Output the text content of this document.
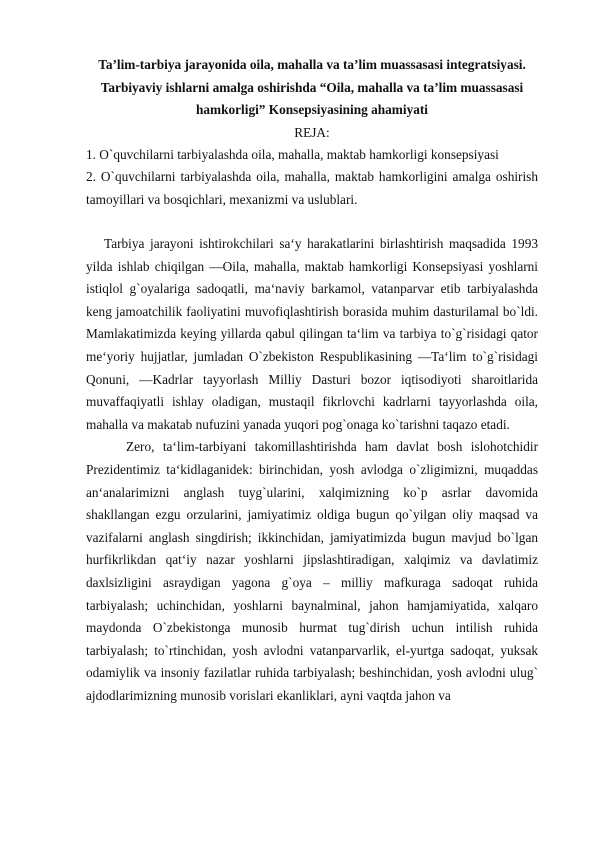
Ta’lim-tarbiya jarayonida oila, mahalla va ta’lim muassasasi integratsiyasi. Tarbiyaviy ishlarni amalga oshirishda “Oila, mahalla va ta’lim muassasasi hamkorligi” Konsepsiyasining ahamiyati

REJA:

1. O`quvchilarni tarbiyalashda oila, mahalla, maktab hamkorligi konsepsiyasi

2. O`quvchilarni tarbiyalashda oila, mahalla, maktab hamkorligini amalga oshirish tamoyillari va bosqichlari, mexanizmi va uslublari.

Tarbiya jarayoni ishtirokchilari sa‘y harakatlarini birlashtirish maqsadida 1993 yilda ishlab chiqilgan —Oila, mahalla, maktab hamkorligi Konsepsiyasi yoshlarni istiqlol g`oyalariga sadoqatli, ma‘naviy barkamol, vatanparvar etib tarbiyalashda keng jamoatchilik faoliyatini muvofiqlashtirish borasida muhim dasturilamal bo`ldi. Mamlakatimizda keying yillarda qabul qilingan ta‘lim va tarbiya to`g`risidagi qator me‘yoriy hujjatlar, jumladan O`zbekiston Respublikasining —Ta‘lim to`g`risidagi Qonuni, —Kadrlar tayyorlash Milliy Dasturi bozor iqtisodiyoti sharoitlarida muvaffaqiyatli ishlay oladigan, mustaqil fikrlovchi kadrlarni tayyorlashda oila, mahalla va makatab nufuzini yanada yuqori pog`onaga ko`tarishni taqazo etadi.

Zero, ta‘lim-tarbiyani takomillashtirishda ham davlat bosh islohotchidir Prezidentimiz ta‘kidlaganidek: birinchidan, yosh avlodga o`zligimizni, muqaddas an‘analarimizni anglash tuyg`ularini, xalqimizning ko`p asrlar davomida shakllangan ezgu orzularini, jamiyatimiz oldiga bugun qo`yilgan oliy maqsad va vazifalarni anglash singdirish; ikkinchidan, jamiyatimizda bugun mavjud bo`lgan hurfikrlikdan qat‘iy nazar yoshlarni jipslashtiradigan, xalqimiz va davlatimiz daxlsizligini asraydigan yagona g`oya – milliy mafkuraga sadoqat ruhida tarbiyalash; uchinchidan, yoshlarni baynalminal, jahon hamjamiyatida, xalqaro maydonda O`zbekistonga munosib hurmat tug`dirish uchun intilish ruhida tarbiyalash; to`rtinchidan, yosh avlodni vatanparvarlik, el-yurtga sadoqat, yuksak odamiylik va insoniy fazilatlar ruhida tarbiyalash; beshinchidan, yosh avlodni ulug` ajdodlarimizning munosib vorislari ekanliklari, ayni vaqtda jahon va
